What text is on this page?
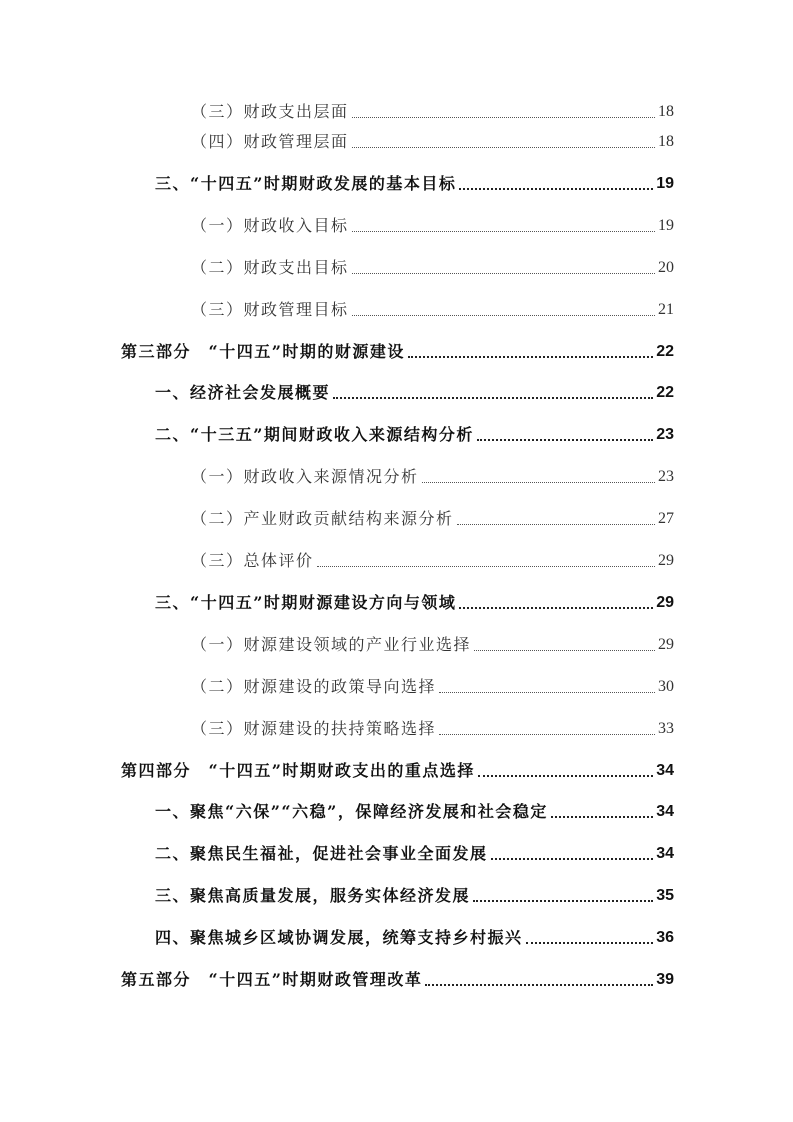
（三）财政支出层面	18
（四）财政管理层面	18
三、“十四五”时期财政发展的基本目标	19
（一）财政收入目标	19
（二）财政支出目标	20
（三）财政管理目标	21
第三部分　“十四五”时期的财源建设	22
一、经济社会发展概要	22
二、“十三五”期间财政收入来源结构分析	23
（一）财政收入来源情况分析	23
（二）产业财政贡献结构来源分析	27
（三）总体评价	29
三、“十四五”时期财源建设方向与领域	29
（一）财源建设领域的产业行业选择	29
（二）财源建设的政策导向选择	30
（三）财源建设的扶持策略选择	33
第四部分　“十四五”时期财政支出的重点选择	34
一、聚焦“六保”“六稳”，保障经济发展和社会稳定	34
二、聚焦民生福祉，促进社会事业全面发展	34
三、聚焦高质量发展，服务实体经济发展	35
四、聚焦城乡区域协调发展，统筹支持乡村振兴	36
第五部分　“十四五”时期财政管理改革	39
